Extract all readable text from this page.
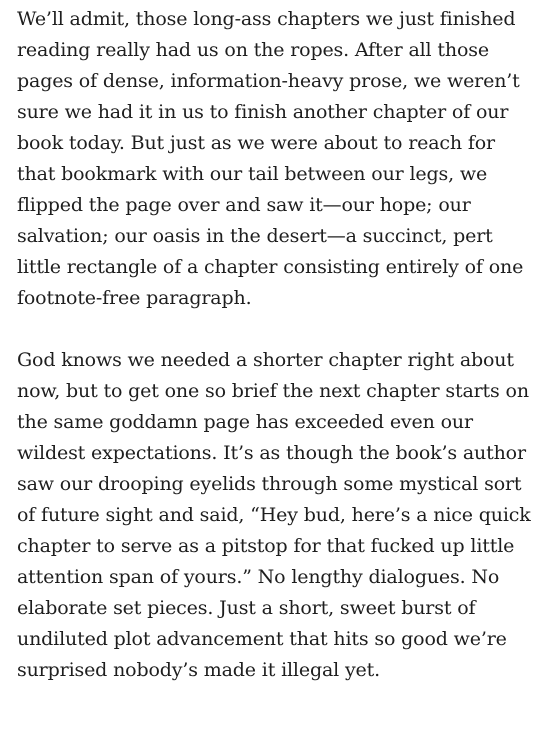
We’ll admit, those long-ass chapters we just finished reading really had us on the ropes. After all those pages of dense, information-heavy prose, we weren’t sure we had it in us to finish another chapter of our book today. But just as we were about to reach for that bookmark with our tail between our legs, we flipped the page over and saw it—our hope; our salvation; our oasis in the desert—a succinct, pert little rectangle of a chapter consisting entirely of one footnote-free paragraph.

God knows we needed a shorter chapter right about now, but to get one so brief the next chapter starts on the same goddamn page has exceeded even our wildest expectations. It’s as though the book’s author saw our drooping eyelids through some mystical sort of future sight and said, “Hey bud, here’s a nice quick chapter to serve as a pitstop for that fucked up little attention span of yours.” No lengthy dialogues. No elaborate set pieces. Just a short, sweet burst of undiluted plot advancement that hits so good we’re surprised nobody’s made it illegal yet.
